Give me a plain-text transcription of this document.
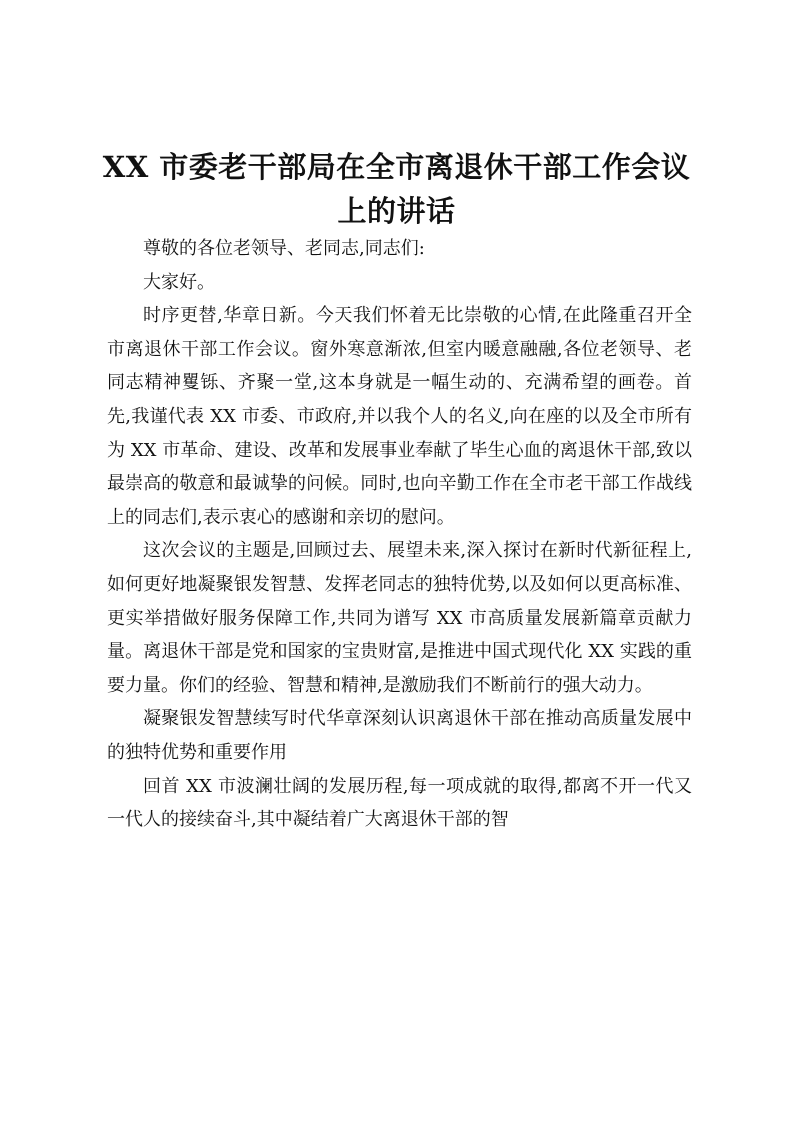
XX 市委老干部局在全市离退休干部工作会议
上的讲话

尊敬的各位老领导、老同志,同志们:

大家好。

时序更替,华章日新。今天我们怀着无比崇敬的心情,在此隆重召开全市离退休干部工作会议。窗外寒意渐浓,但室内暖意融融,各位老领导、老同志精神矍铄、齐聚一堂,这本身就是一幅生动的、充满希望的画卷。首先,我谨代表 XX 市委、市政府,并以我个人的名义,向在座的以及全市所有为 XX 市革命、建设、改革和发展事业奉献了毕生心血的离退休干部,致以最崇高的敬意和最诚挚的问候。同时,也向辛勤工作在全市老干部工作战线上的同志们,表示衷心的感谢和亲切的慰问。

这次会议的主题是,回顾过去、展望未来,深入探讨在新时代新征程上,如何更好地凝聚银发智慧、发挥老同志的独特优势,以及如何以更高标准、更实举措做好服务保障工作,共同为谱写 XX 市高质量发展新篇章贡献力量。离退休干部是党和国家的宝贵财富,是推进中国式现代化 XX 实践的重要力量。你们的经验、智慧和精神,是激励我们不断前行的强大动力。

凝聚银发智慧续写时代华章深刻认识离退休干部在推动高质量发展中的独特优势和重要作用

回首 XX 市波澜壮阔的发展历程,每一项成就的取得,都离不开一代又一代人的接续奋斗,其中凝结着广大离退休干部的智
